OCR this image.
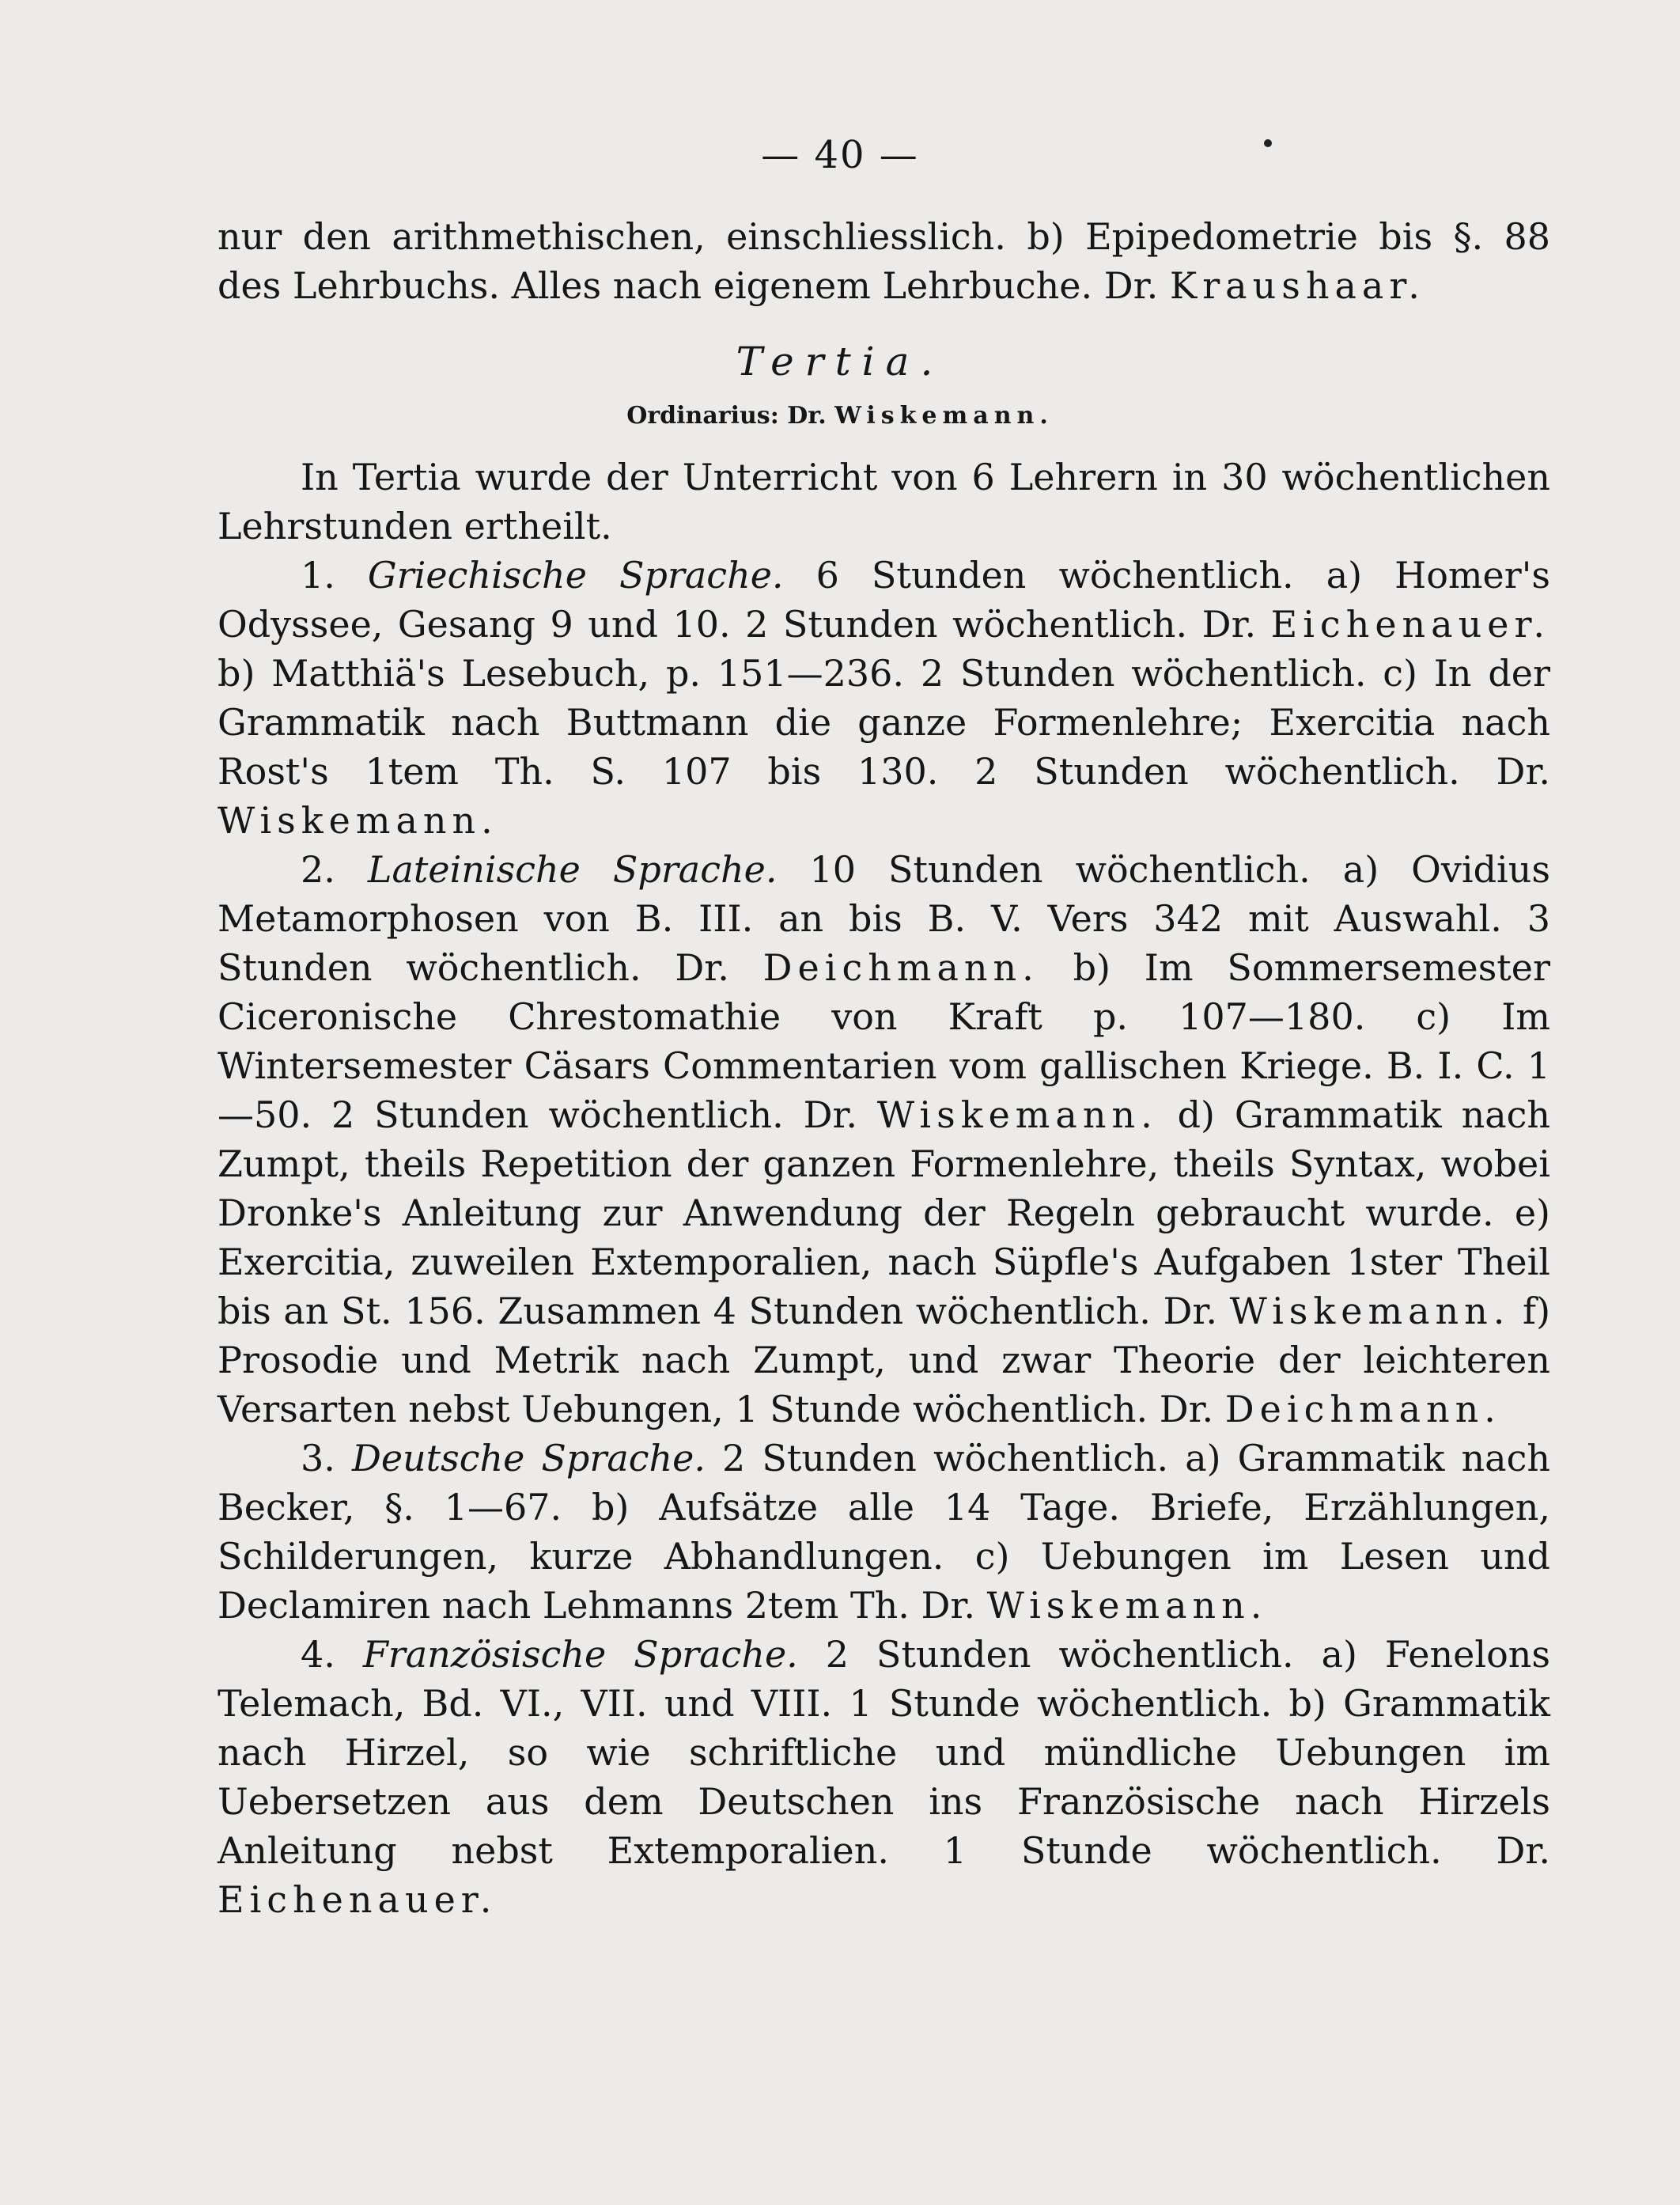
— 40 —

nur den arithmethischen, einschliesslich. b) Epipedometrie bis §. 88 des Lehrbuchs. Alles nach eigenem Lehrbuche. Dr. Kraushaar.

Tertia.
Ordinarius: Dr. Wiskemann.

In Tertia wurde der Unterricht von 6 Lehrern in 30 wöchentlichen Lehrstunden ertheilt.

1. Griechische Sprache. 6 Stunden wöchentlich. a) Homer's Odyssee, Gesang 9 und 10. 2 Stunden wöchentlich. Dr. Eichenauer. b) Matthiä's Lesebuch, p. 151—236. 2 Stunden wöchentlich. c) In der Grammatik nach Buttmann die ganze Formenlehre; Exercitia nach Rost's 1tem Th. S. 107 bis 130. 2 Stunden wöchentlich. Dr. Wiskemann.

2. Lateinische Sprache. 10 Stunden wöchentlich. a) Ovidius Metamorphosen von B. III. an bis B. V. Vers 342 mit Auswahl. 3 Stunden wöchentlich. Dr. Deichmann. b) Im Sommersemester Ciceronische Chrestomathie von Kraft p. 107—180. c) Im Wintersemester Cäsars Commentarien vom gallischen Kriege. B. I. C. 1—50. 2 Stunden wöchentlich. Dr. Wiskemann. d) Grammatik nach Zumpt, theils Repetition der ganzen Formenlehre, theils Syntax, wobei Dronke's Anleitung zur Anwendung der Regeln gebraucht wurde. e) Exercitia, zuweilen Extemporalien, nach Süpfle's Aufgaben 1ster Theil bis an St. 156. Zusammen 4 Stunden wöchentlich. Dr. Wiskemann. f) Prosodie und Metrik nach Zumpt, und zwar Theorie der leichteren Versarten nebst Uebungen, 1 Stunde wöchentlich. Dr. Deichmann.

3. Deutsche Sprache. 2 Stunden wöchentlich. a) Grammatik nach Becker, §. 1—67. b) Aufsätze alle 14 Tage. Briefe, Erzählungen, Schilderungen, kurze Abhandlungen. c) Uebungen im Lesen und Declamiren nach Lehmanns 2tem Th. Dr. Wiskemann.

4. Französische Sprache. 2 Stunden wöchentlich. a) Fenelons Telemach, Bd. VI., VII. und VIII. 1 Stunde wöchentlich. b) Grammatik nach Hirzel, so wie schriftliche und mündliche Uebungen im Uebersetzen aus dem Deutschen ins Französische nach Hirzels Anleitung nebst Extemporalien. 1 Stunde wöchentlich. Dr. Eichenauer.
